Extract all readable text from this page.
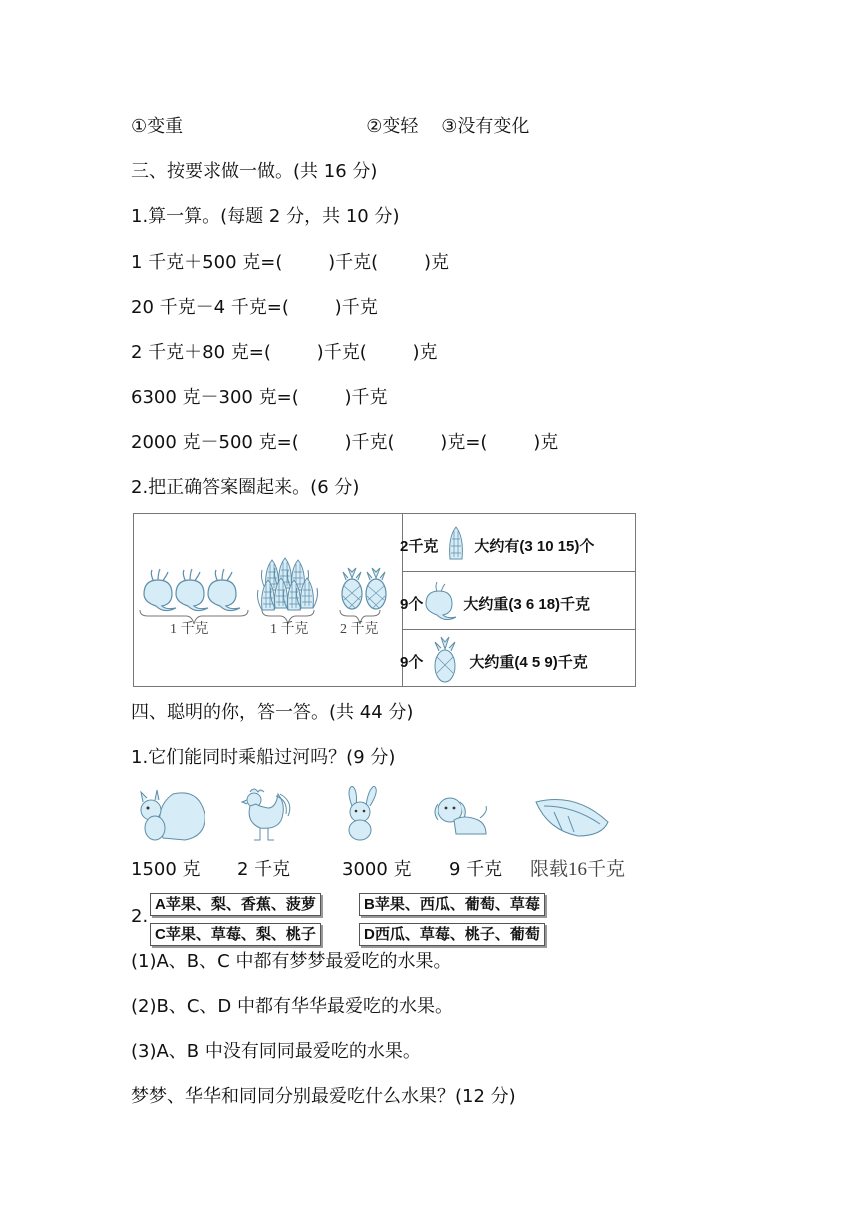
①变重                                ②变轻    ③没有变化
三、按要求做一做。(共 16 分)
1.算一算。(每题 2 分，共 10 分)
1 千克＋500 克=(        )千克(        )克
20 千克－4 千克=(        )千克
2 千克＋80 克=(        )千克(        )克
6300 克－300 克=(        )千克
2000 克－500 克=(        )千克(        )克=(        )克
2.把正确答案圈起来。(6 分)
1 千克	1 千克 2 千克
2千克 大约有(3 10 15)个
9个	大约重(3 6 18)千克
9个	大约重(4 5 9)千克
四、聪明的你，答一答。(共 44 分)
1.它们能同时乘船过河吗？(9 分)
1500 克 2 千克	3000 克 9 千克 限载16千克
2.
A苹果、梨、香蕉、菠萝	B苹果、西瓜、葡萄、草莓
C苹果、草莓、梨、桃子	D西瓜、草莓、桃子、葡萄
(1)A、B、C 中都有梦梦最爱吃的水果。
(2)B、C、D 中都有华华最爱吃的水果。
(3)A、B 中没有同同最爱吃的水果。
梦梦、华华和同同分别最爱吃什么水果？(12 分)
